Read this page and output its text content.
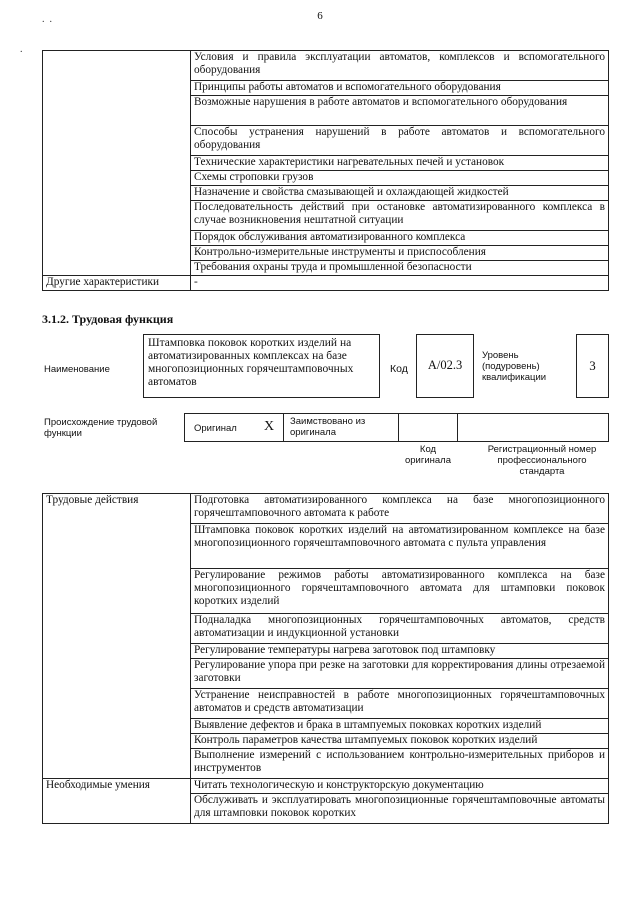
6
.  .
.
	Условия и правила эксплуатации автоматов, комплексов и вспомогательного оборудования
	Принципы работы автоматов и вспомогательного оборудования
	Возможные нарушения в работе автоматов и вспомогательного оборудования
	Способы устранения нарушений в работе автоматов и вспомогательного оборудования
	Технические характеристики нагревательных печей и установок
	Схемы строповки грузов
	Назначение и свойства смазывающей и охлаждающей жидкостей
	Последовательность действий при остановке автоматизированного комплекса в случае возникновения нештатной ситуации
	Порядок обслуживания автоматизированного комплекса
	Контрольно-измерительные инструменты и приспособления
	Требования охраны труда и промышленной безопасности
Другие характеристики	-
3.1.2. Трудовая функция
Наименование
Штамповка поковок коротких изделий на автоматизированных комплексах на базе многопозиционных горячештамповочных автоматов
Код	А/02.3
Уровень (подуровень) квалификации
3
Происхождение трудовой функции	Оригинал X Заимствовано из оригинала
Код оригинала
Регистрационный номер профессионального стандарта
Трудовые действия	Подготовка автоматизированного комплекса на базе многопозиционного горячештамповочного автомата к работе
	Штамповка поковок коротких изделий на автоматизированном комплексе на базе многопозиционного горячештамповочного автомата с пульта управления
	Регулирование режимов работы автоматизированного комплекса на базе многопозиционного горячештамповочного автомата для штамповки поковок коротких изделий
	Подналадка многопозиционных горячештамповочных автоматов, средств автоматизации и индукционной установки
	Регулирование температуры нагрева заготовок под штамповку
	Регулирование упора при резке на заготовки для корректирования длины отрезаемой заготовки
	Устранение неисправностей в работе многопозиционных горячештамповочных автоматов и средств автоматизации
	Выявление дефектов и брака в штампуемых поковках коротких изделий
	Контроль параметров качества штампуемых поковок коротких изделий
	Выполнение измерений с использованием контрольно-измерительных приборов и инструментов
Необходимые умения	Читать технологическую и конструкторскую документацию
	Обслуживать и эксплуатировать многопозиционные горячештамповочные автоматы для штамповки поковок коротких
